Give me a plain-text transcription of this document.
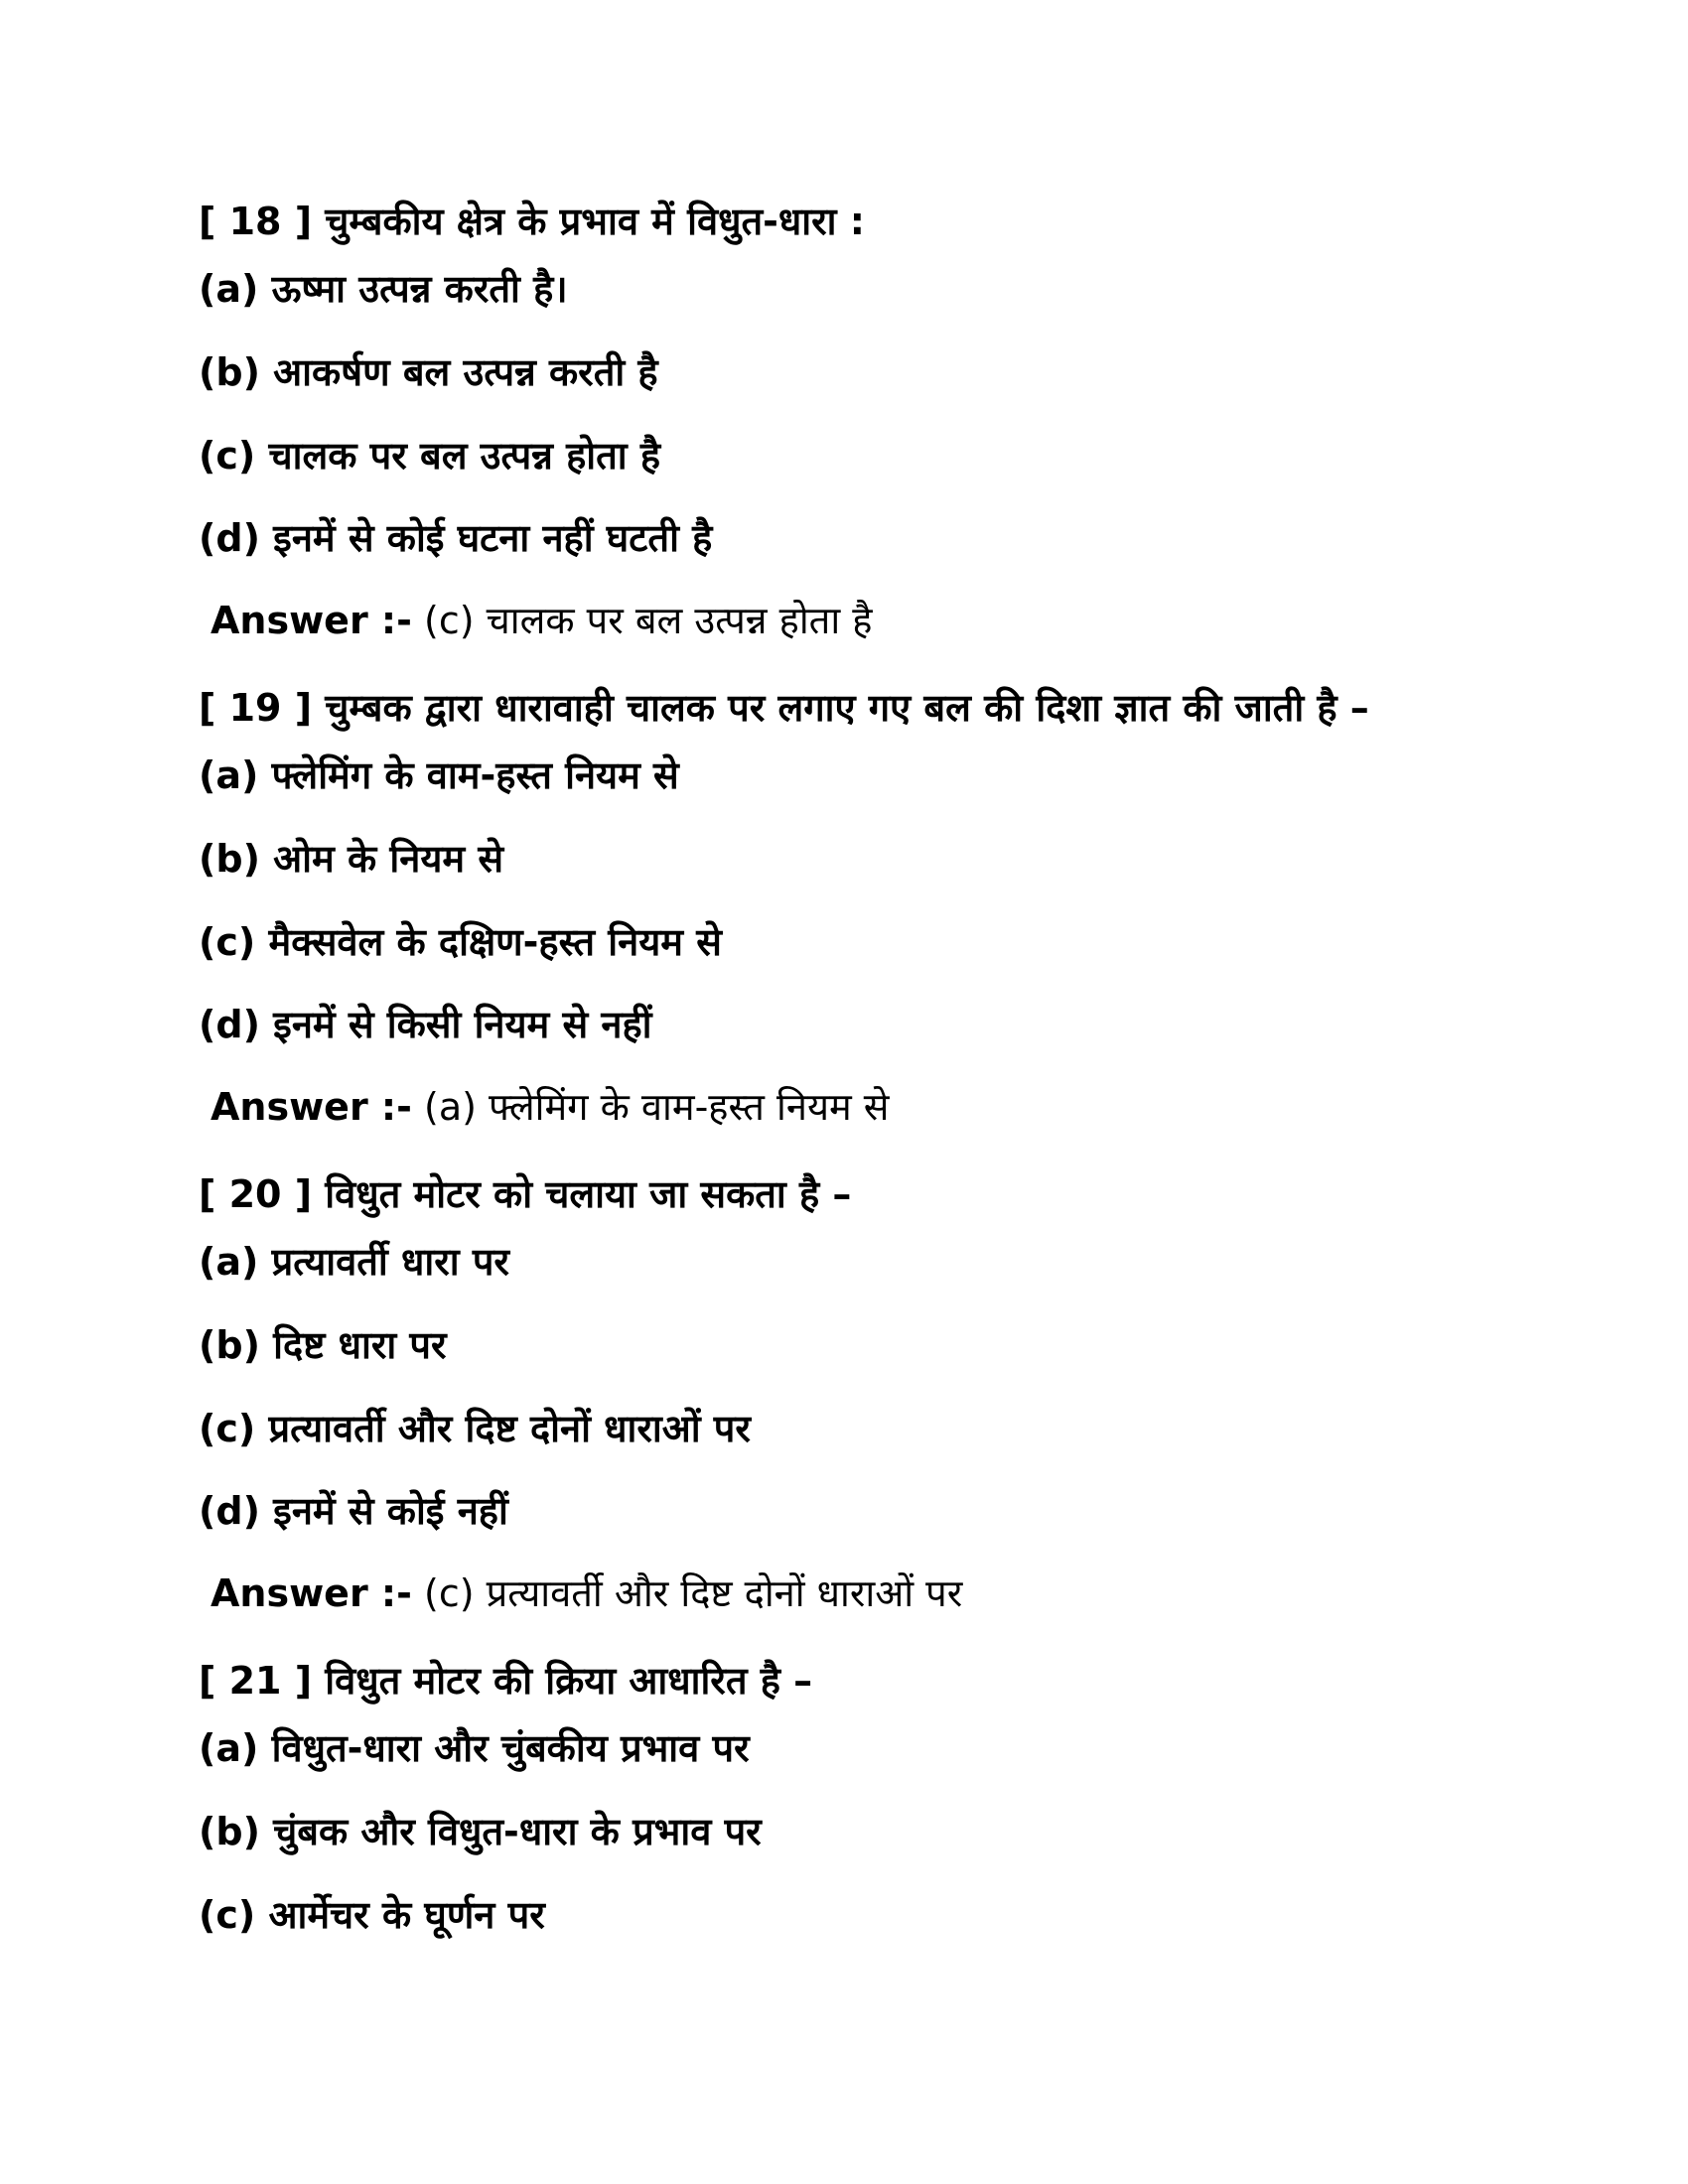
[ 18 ] चुम्बकीय क्षेत्र के प्रभाव में विधुत-धारा :
(a) ऊष्मा उत्पन्न करती है।
(b) आकर्षण बल उत्पन्न करती है
(c) चालक पर बल उत्पन्न होता है
(d) इनमें से कोई घटना नहीं घटती है
Answer :- (c) चालक पर बल उत्पन्न होता है
[ 19 ] चुम्बक द्वारा धारावाही चालक पर लगाए गए बल की दिशा ज्ञात की जाती है –
(a) फ्लेमिंग के वाम-हस्त नियम से
(b) ओम के नियम से
(c) मैक्सवेल के दक्षिण-हस्त नियम से
(d) इनमें से किसी नियम से नहीं
Answer :- (a) फ्लेमिंग के वाम-हस्त नियम से
[ 20 ] विधुत मोटर को चलाया जा सकता है –
(a) प्रत्यावर्ती धारा पर
(b) दिष्ट धारा पर
(c) प्रत्यावर्ती और दिष्ट दोनों धाराओं पर
(d) इनमें से कोई नहीं
Answer :- (c) प्रत्यावर्ती और दिष्ट दोनों धाराओं पर
[ 21 ] विधुत मोटर की क्रिया आधारित है –
(a) विधुत-धारा और चुंबकीय प्रभाव पर
(b) चुंबक और विधुत-धारा के प्रभाव पर
(c) आर्मेचर के घूर्णन पर
